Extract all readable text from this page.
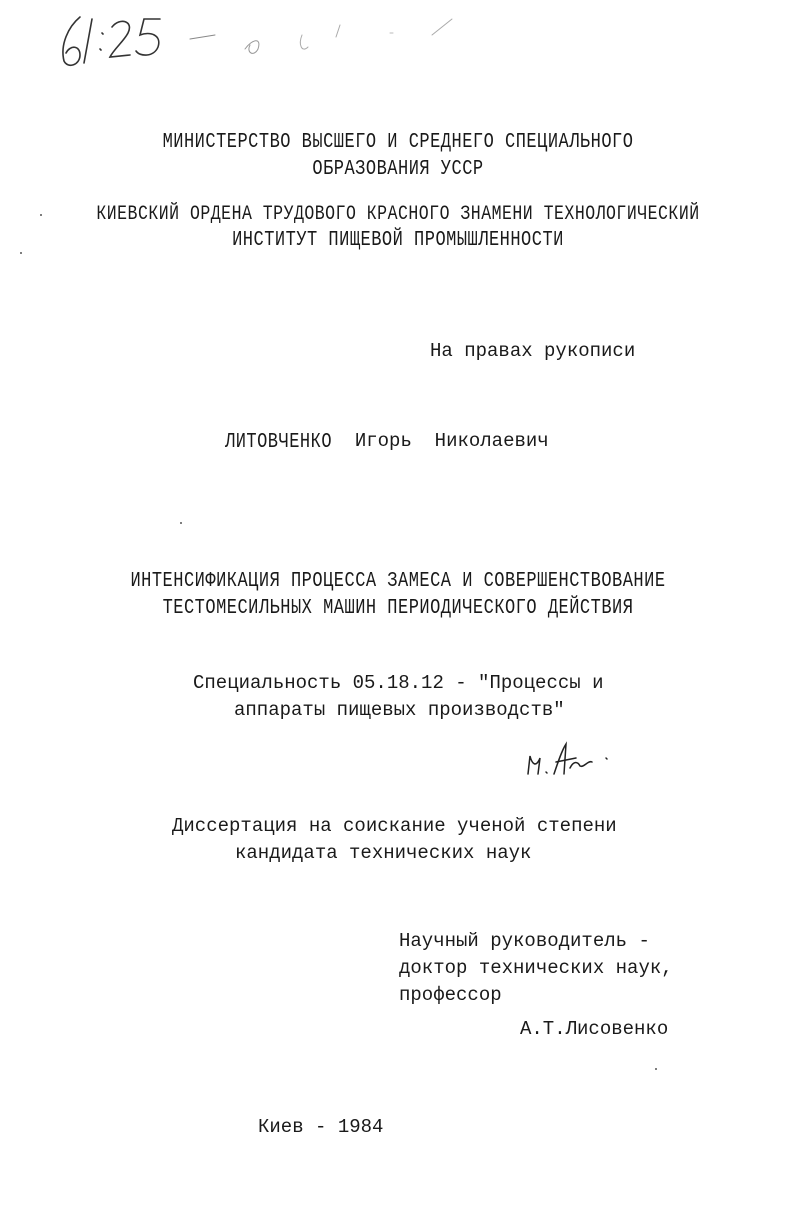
МИНИСТЕРСТВО ВЫСШЕГО И СРЕДНЕГО СПЕЦИАЛЬНОГО
ОБРАЗОВАНИЯ УССР
КИЕВСКИЙ ОРДЕНА ТРУДОВОГО КРАСНОГО ЗНАМЕНИ ТЕХНОЛОГИЧЕСКИЙ
ИНСТИТУТ ПИЩЕВОЙ ПРОМЫШЛЕННОСТИ
На правах рукописи
ЛИТОВЧЕНКО Игорь Николаевич
ИНТЕНСИФИКАЦИЯ ПРОЦЕССА ЗАМЕСА И СОВЕРШЕНСТВОВАНИЕ
ТЕСТОМЕСИЛЬНЫХ МАШИН ПЕРИОДИЧЕСКОГО ДЕЙСТВИЯ
Специальность 05.18.12 - "Процессы и
аппараты пищевых производств"
Диссертация на соискание ученой степени
кандидата технических наук
Научный руководитель -
доктор технических наук,
профессор
А.Т.Лисовенко
Киев - 1984
